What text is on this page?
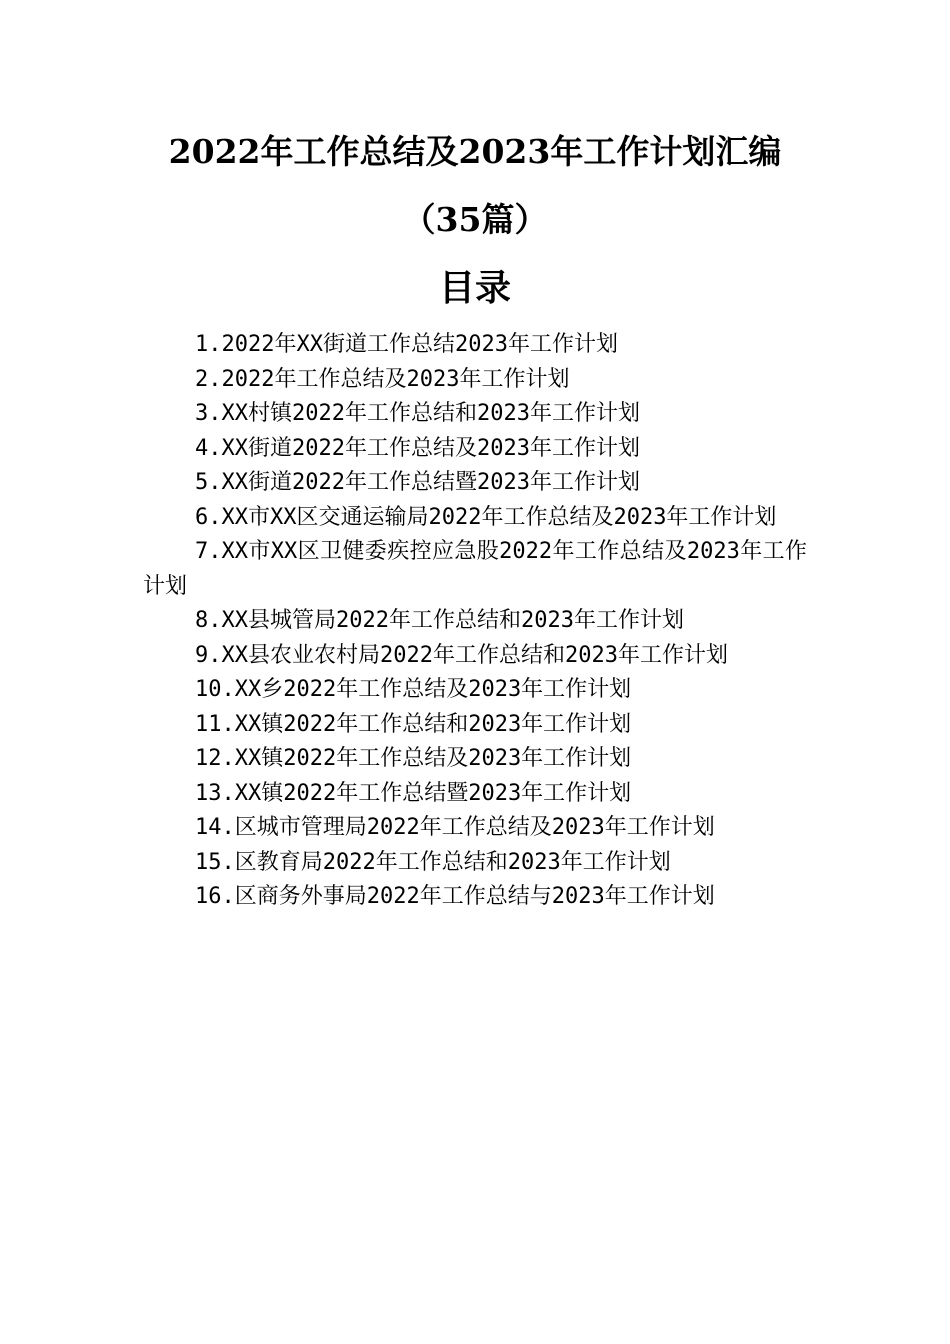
2022年工作总结及2023年工作计划汇编
（35篇）
目录
1.2022年XX街道工作总结2023年工作计划
2.2022年工作总结及2023年工作计划
3.XX村镇2022年工作总结和2023年工作计划
4.XX街道2022年工作总结及2023年工作计划
5.XX街道2022年工作总结暨2023年工作计划
6.XX市XX区交通运输局2022年工作总结及2023年工作计划
7.XX市XX区卫健委疾控应急股2022年工作总结及2023年工作计划
8.XX县城管局2022年工作总结和2023年工作计划
9.XX县农业农村局2022年工作总结和2023年工作计划
10.XX乡2022年工作总结及2023年工作计划
11.XX镇2022年工作总结和2023年工作计划
12.XX镇2022年工作总结及2023年工作计划
13.XX镇2022年工作总结暨2023年工作计划
14.区城市管理局2022年工作总结及2023年工作计划
15.区教育局2022年工作总结和2023年工作计划
16.区商务外事局2022年工作总结与2023年工作计划
